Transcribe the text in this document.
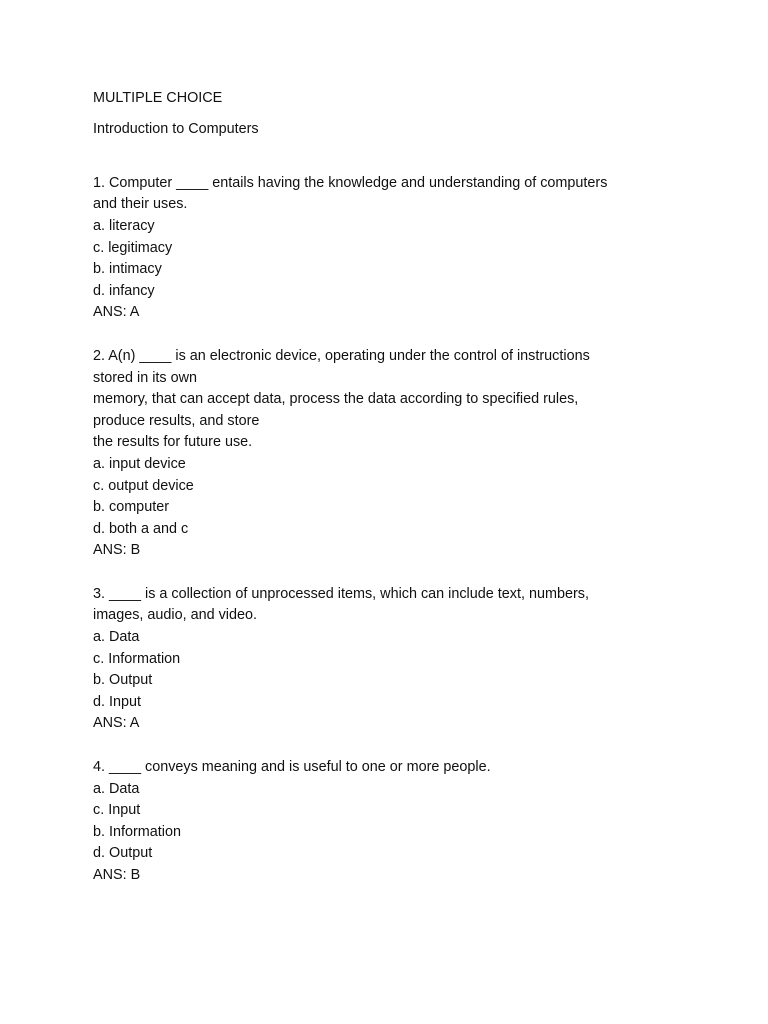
MULTIPLE CHOICE

Introduction to Computers

1. Computer ____ entails having the knowledge and understanding of computers
and their uses.
a. literacy
c. legitimacy
b. intimacy
d. infancy
ANS: A
2. A(n) ____ is an electronic device, operating under the control of instructions
stored in its own
memory, that can accept data, process the data according to specified rules,
produce results, and store
the results for future use.
a. input device
c. output device
b. computer
d. both a and c
ANS: B
3. ____ is a collection of unprocessed items, which can include text, numbers,
images, audio, and video.
a. Data
c. Information
b. Output
d. Input
ANS: A
4. ____ conveys meaning and is useful to one or more people.
a. Data
c. Input
b. Information
d. Output
ANS: B
